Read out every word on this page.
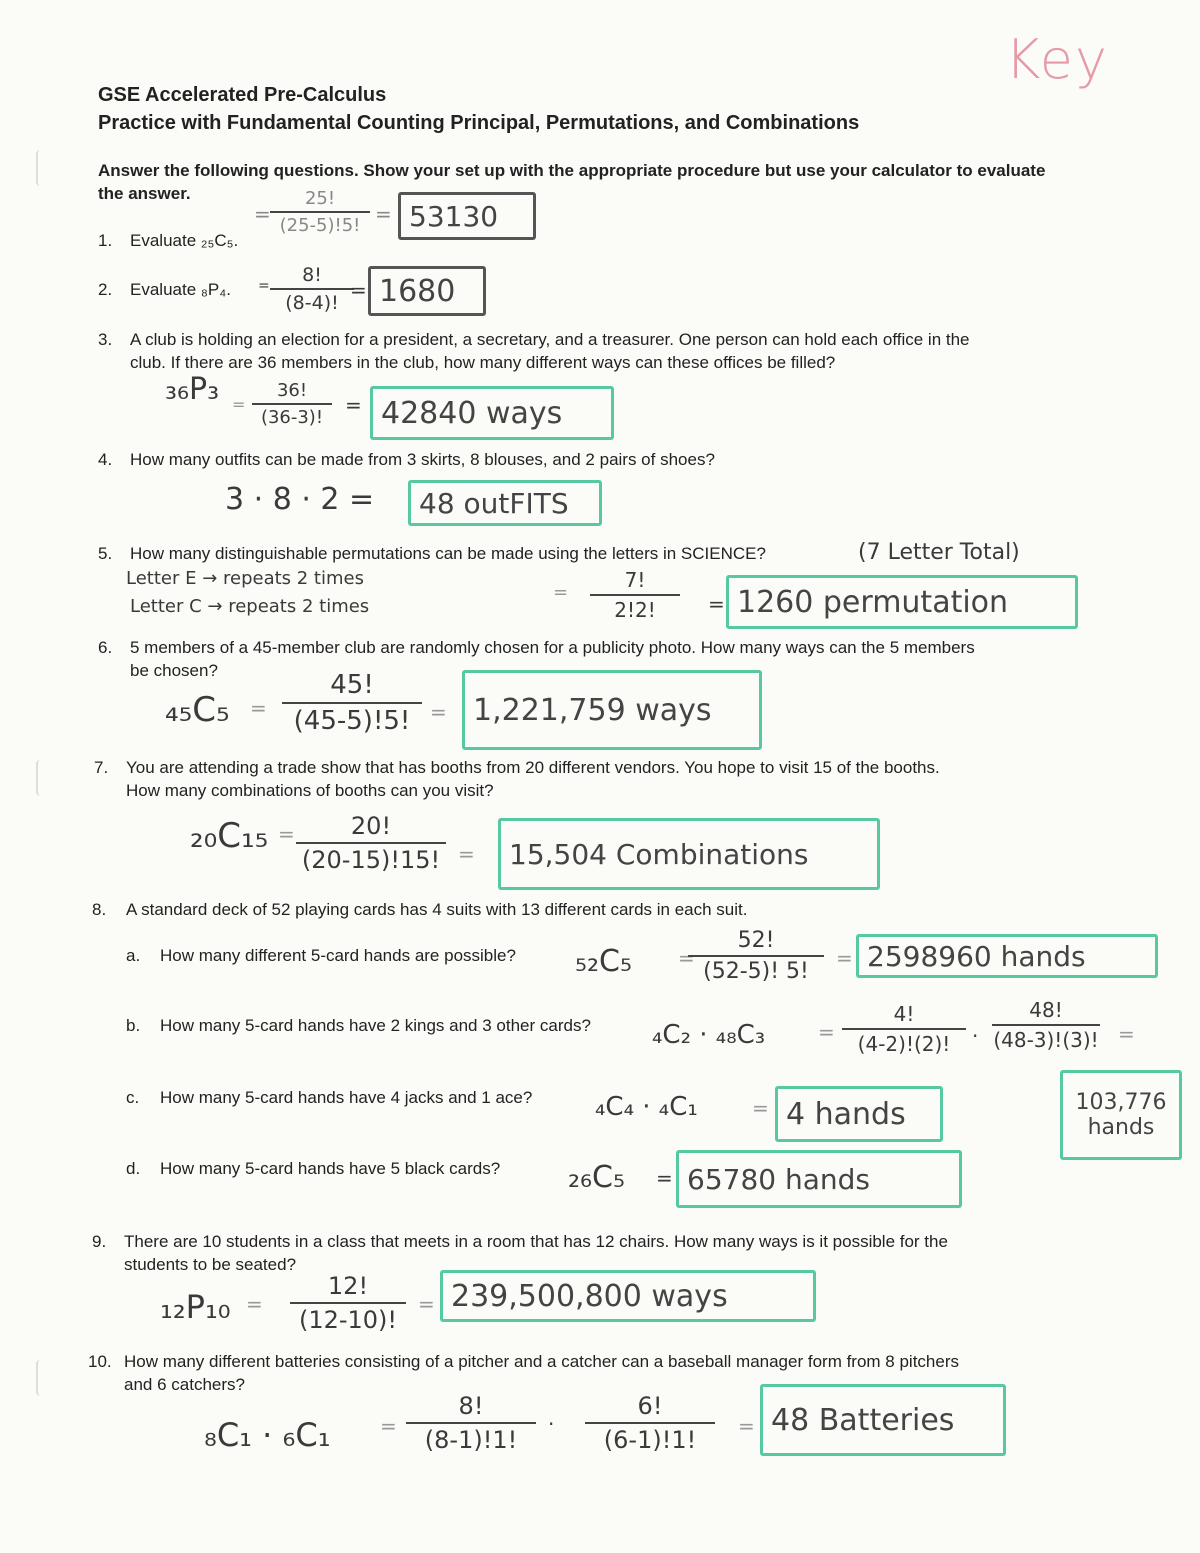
Key
GSE Accelerated Pre-Calculus
Practice with Fundamental Counting Principal, Permutations, and Combinations
Answer the following questions. Show your set up with the appropriate procedure but use your calculator to evaluate
the answer.
1. Evaluate ₂₅C₅.
= $\frac{25!}{(25-5)!5!} = 53130$
2. Evaluate ₈P₄. = $\frac{8!}{(8-4)!}$
= 1680
3. A club is holding an election for a president, a secretary, and a treasurer. One person can hold each office in the
club. If there are 36 members in the club, how many different ways can these offices be filled?
$_{36}P_3 = \frac{36!}{(36-3)!} = 42840$ ways
4. How many outfits can be made from 3 skirts, 8 blouses, and 2 pairs of shoes?
3 · 8 · 2 =	48 outFITS
5. How many distinguishable permutations can be made using the letters in SCIENCE?	(7 Letter Total)
Letter E → repeats 2 times
Letter C → repeats 2 times
= $\frac{7!}{2!2!} = 1260$ permutation
6. 5 members of a 45-member club are randomly chosen for a publicity photo. How many ways can the 5 members
be chosen?
$_{45}C_5 = \frac{45!}{(45-5)!5!} = 1,221,759$ ways
7. You are attending a trade show that has booths from 20 different vendors. You hope to visit 15 of the booths.
How many combinations of booths can you visit?
$_{20}C_{15} = \frac{20!}{(20-15)!15!}$ =	15,504 Combinations
8. A standard deck of 52 playing cards has 4 suits with 13 different cards in each suit.
a. How many different 5-card hands are possible? ₅₂C₅ =
$\frac{52!}{(52-5)! 5!} = 2598960$ hands
b. How many 5-card hands have 2 kings and 3 other cards? ₄C₂ · ₄₈C₃	= $\frac{4!}{(4-2)!(2)!} \cdot \frac{48!}{(48-3)!(3)!}$ =
103,776
hands
c. How many 5-card hands have 4 jacks and 1 ace? ₄C₄ · ₄C₁	= 4 hands
d. How many 5-card hands have 5 black cards? ₂₆C₅ = 65780 hands
9. There are 10 students in a class that meets in a room that has 12 chairs. How many ways is it possible for the
students to be seated?
$_{12}P_{10} = \frac{12!}{(12-10)!} = 239,500,800$ ways
10. How many different batteries consisting of a pitcher and a catcher can a baseball manager form from 8 pitchers
and 6 catchers?
$_8C_1 \cdot _6C_1 = \frac{8!}{(8-1)!1!} \cdot \frac{6!}{(6-1)!1!} = 48$ Batteries
